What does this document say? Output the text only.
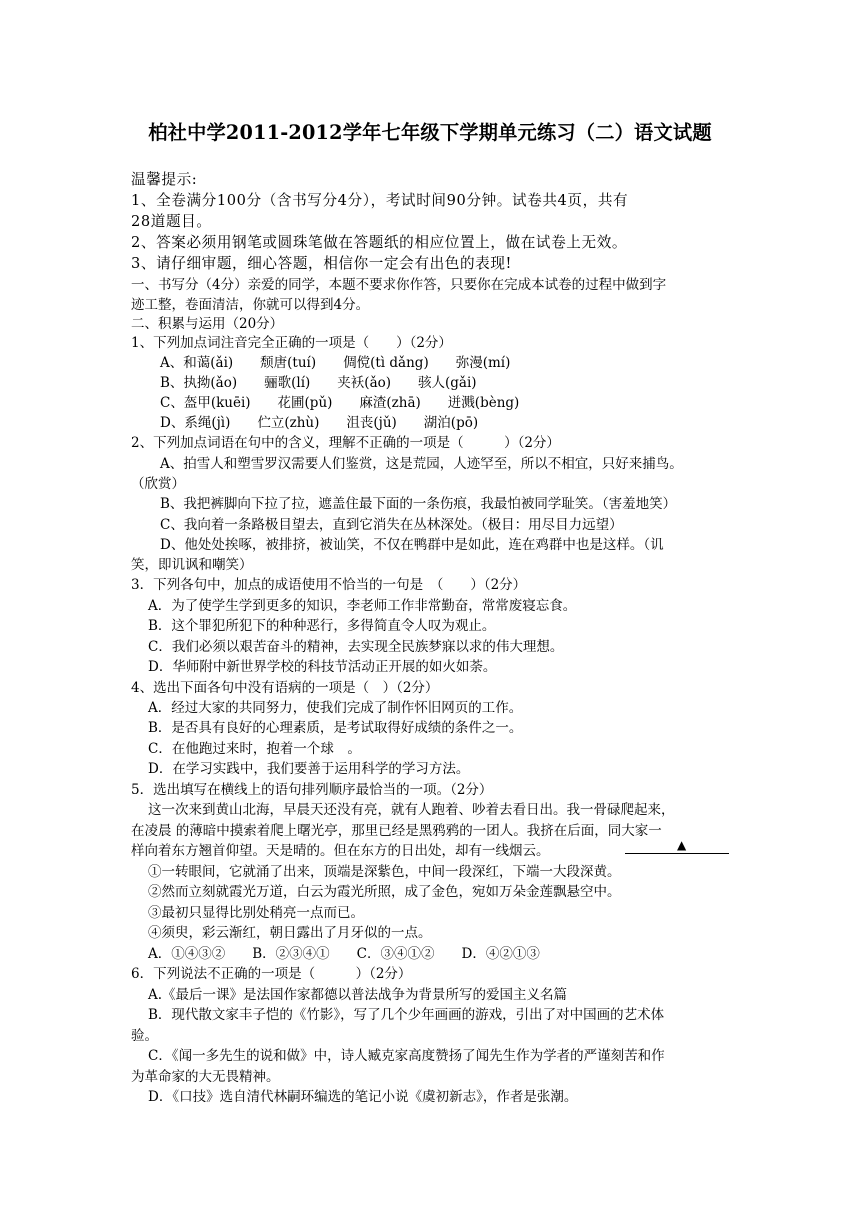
柏社中学2011-2012学年七年级下学期单元练习（二）语文试题
温馨提示:
1、全卷满分100分（含书写分4分），考试时间90分钟。试卷共4页，共有
28道题目。
2、答案必须用钢笔或圆珠笔做在答题纸的相应位置上，做在试卷上无效。
3、请仔细审题，细心答题，相信你一定会有出色的表现!
一、书写分（4分）亲爱的同学，本题不要求你作答，只要你在完成本试卷的过程中做到字
迹工整，卷面清洁，你就可以得到4分。
二、积累与运用（20分）
1、下列加点词注音完全正确的一项是（　　）（2分）
A、和蔼(ǎi)　　颓唐(tuí)　　倜傥(tì dǎng)　　弥漫(mí)
B、执拗(ǎo)　　骊歌(lí)　　夹袄(ǎo)　　骇人(gǎi)
C、盔甲(kuēi)　　花圃(pǔ)　　麻渣(zhā)　　迸溅(bèng)
D、系绳(jì)　　伫立(zhù)　　沮丧(jǔ)　　湖泊(pō)
2、下列加点词语在句中的含义，理解不正确的一项是（　　　）（2分）
A、拍雪人和塑雪罗汉需要人们鉴赏，这是荒园，人迹罕至，所以不相宜，只好来捕鸟。
（欣赏）
B、我把裤脚向下拉了拉，遮盖住最下面的一条伤痕，我最怕被同学耻笑。（害羞地笑）
C、我向着一条路极目望去，直到它消失在丛林深处。（极目：用尽目力远望）
D、他处处挨啄，被排挤，被讪笑，不仅在鸭群中是如此，连在鸡群中也是这样。（讥
笑，即讥讽和嘲笑）
3．下列各句中，加点的成语使用不恰当的一句是　（　　）（2分）
A．为了使学生学到更多的知识，李老师工作非常勤奋，常常废寝忘食。
B．这个罪犯所犯下的种种恶行，多得简直令人叹为观止。
C．我们必须以艰苦奋斗的精神，去实现全民族梦寐以求的伟大理想。
D．华师附中新世界学校的科技节活动正开展的如火如荼。
4、选出下面各句中没有语病的一项是（　）（2分）
A．经过大家的共同努力，使我们完成了制作怀旧网页的工作。
B．是否具有良好的心理素质，是考试取得好成绩的条件之一。
C．在他跑过来时，抱着一个球　。
D．在学习实践中，我们要善于运用科学的学习方法。
5．选出填写在横线上的语句排列顺序最恰当的一项。（2分）
这一次来到黄山北海，早晨天还没有亮，就有人跑着、吵着去看日出。我一骨碌爬起来，
在凌晨 的薄暗中摸索着爬上曙光亭，那里已经是黑鸦鸦的一团人。我挤在后面，同大家一
样向着东方翘首仰望。天是晴的。但在东方的日出处，却有一线烟云。	▲
①一转眼间，它就涌了出来，顶端是深紫色，中间一段深红，下端一大段深黄。
②然而立刻就霞光万道，白云为霞光所照，成了金色，宛如万朵金莲飘悬空中。
③最初只显得比别处稍亮一点而已。
④须臾，彩云渐红，朝日露出了月牙似的一点。
A．①④③②　　B．②③④①　　C．③④①②　　D．④②①③
6．下列说法不正确的一项是（　　　）（2分）
A.《最后一课》是法国作家都德以普法战争为背景所写的爱国主义名篇
B．现代散文家丰子恺的《竹影》，写了几个少年画画的游戏，引出了对中国画的艺术体
验。
C．《闻一多先生的说和做》中，诗人臧克家高度赞扬了闻先生作为学者的严谨刻苦和作
为革命家的大无畏精神。
D．《口技》选自清代林嗣环编选的笔记小说《虞初新志》，作者是张潮。
